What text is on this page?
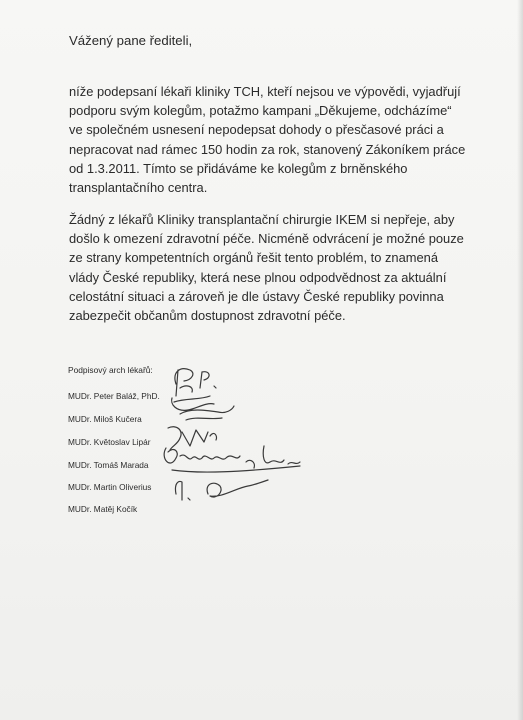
Vážený pane řediteli,
níže podepsaní lékaři kliniky TCH, kteří nejsou ve výpovědi, vyjadřují
podporu svým kolegům, potažmo kampani „Děkujeme, odcházíme“
ve společném usnesení nepodepsat dohody o přesčasové práci a
nepracovat nad rámec 150 hodin za rok, stanovený Zákoníkem práce
od 1.3.2011. Tímto se přidáváme ke kolegům z brněnského
transplantačního centra.
Žádný z lékařů Kliniky transplantační chirurgie IKEM si nepřeje, aby
došlo k omezení zdravotní péče. Nicméně odvrácení je možné pouze
ze strany kompetentních orgánů řešit tento problém, to znamená
vlády České republiky, která nese plnou odpodvědnost za aktuální
celostátní situaci a zároveň je dle ústavy České republiky povinna
zabezpečit občanům dostupnost zdravotní péče.
Podpisový arch lékařů:
MUDr. Peter Baláž, PhD.
MUDr. Miloš Kučera
MUDr. Květoslav Lipár
MUDr. Tomáš Marada
MUDr. Martin Oliverius
MUDr. Matěj Kočík
